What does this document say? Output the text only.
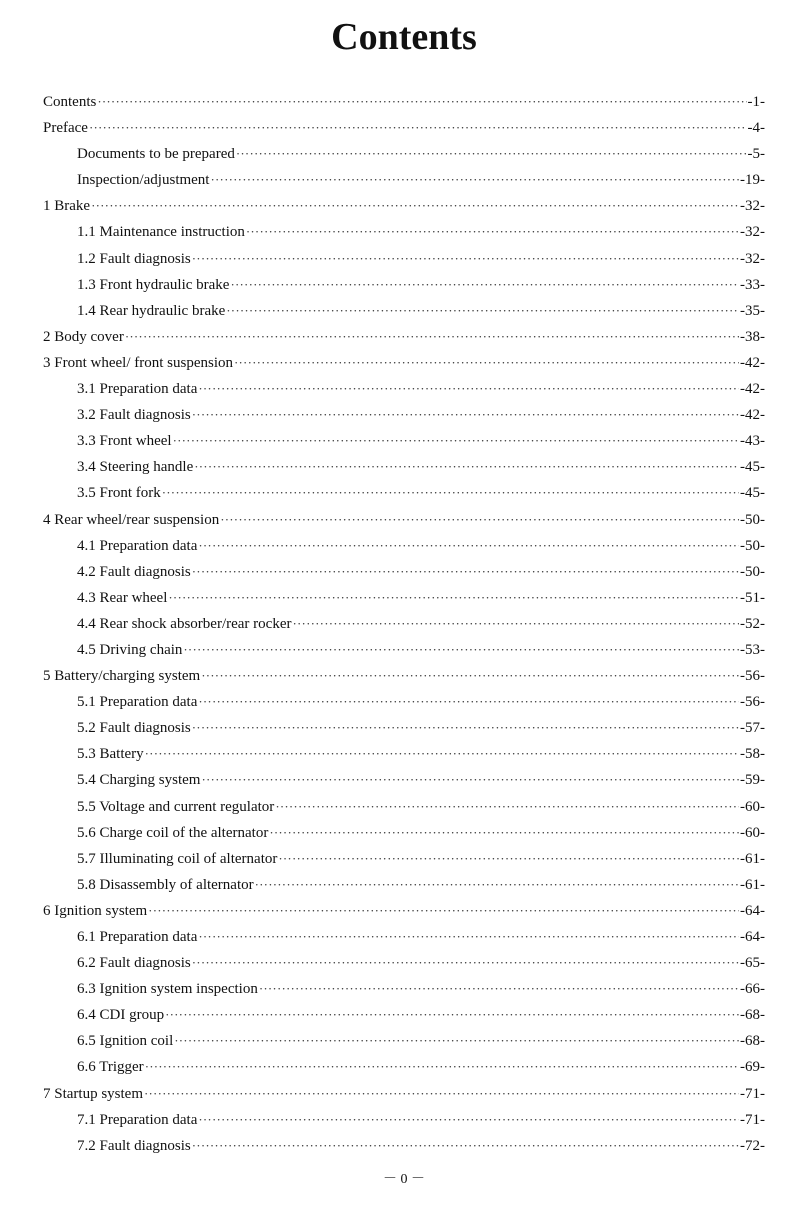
Contents
Contents ·····	-1-
Preface ·····	-4-
Documents to be prepared ·····	-5-
Inspection/adjustment ·····	-19-
1 Brake ·····	-32-
1.1 Maintenance instruction ·····	-32-
1.2 Fault diagnosis ·····	-32-
1.3 Front hydraulic brake ·····	-33-
1.4 Rear hydraulic brake ·····	-35-
2 Body cover ·····	-38-
3 Front wheel/ front suspension ·····	-42-
3.1 Preparation data ·····	-42-
3.2 Fault diagnosis ·····	-42-
3.3 Front wheel ·····	-43-
3.4 Steering handle ·····	-45-
3.5 Front fork ·····	-45-
4 Rear wheel/rear suspension ·····	-50-
4.1 Preparation data ·····	-50-
4.2 Fault diagnosis ·····	-50-
4.3 Rear wheel ·····	-51-
4.4 Rear shock absorber/rear rocker ·····	-52-
4.5 Driving chain ·····	-53-
5 Battery/charging system ·····	-56-
5.1 Preparation data ·····	-56-
5.2 Fault diagnosis ·····	-57-
5.3 Battery ·····	-58-
5.4 Charging system ·····	-59-
5.5 Voltage and current regulator ·····	-60-
5.6 Charge coil of the alternator ·····	-60-
5.7 Illuminating coil of alternator ·····	-61-
5.8 Disassembly of alternator ·····	-61-
6 Ignition system ·····	-64-
6.1 Preparation data ·····	-64-
6.2 Fault diagnosis ·····	-65-
6.3 Ignition system inspection ·····	-66-
6.4 CDI group ·····	-68-
6.5 Ignition coil ·····	-68-
6.6 Trigger ·····	-69-
7 Startup system ·····	-71-
7.1 Preparation data ·····	-71-
7.2 Fault diagnosis ·····	-72-
－ 0 －
